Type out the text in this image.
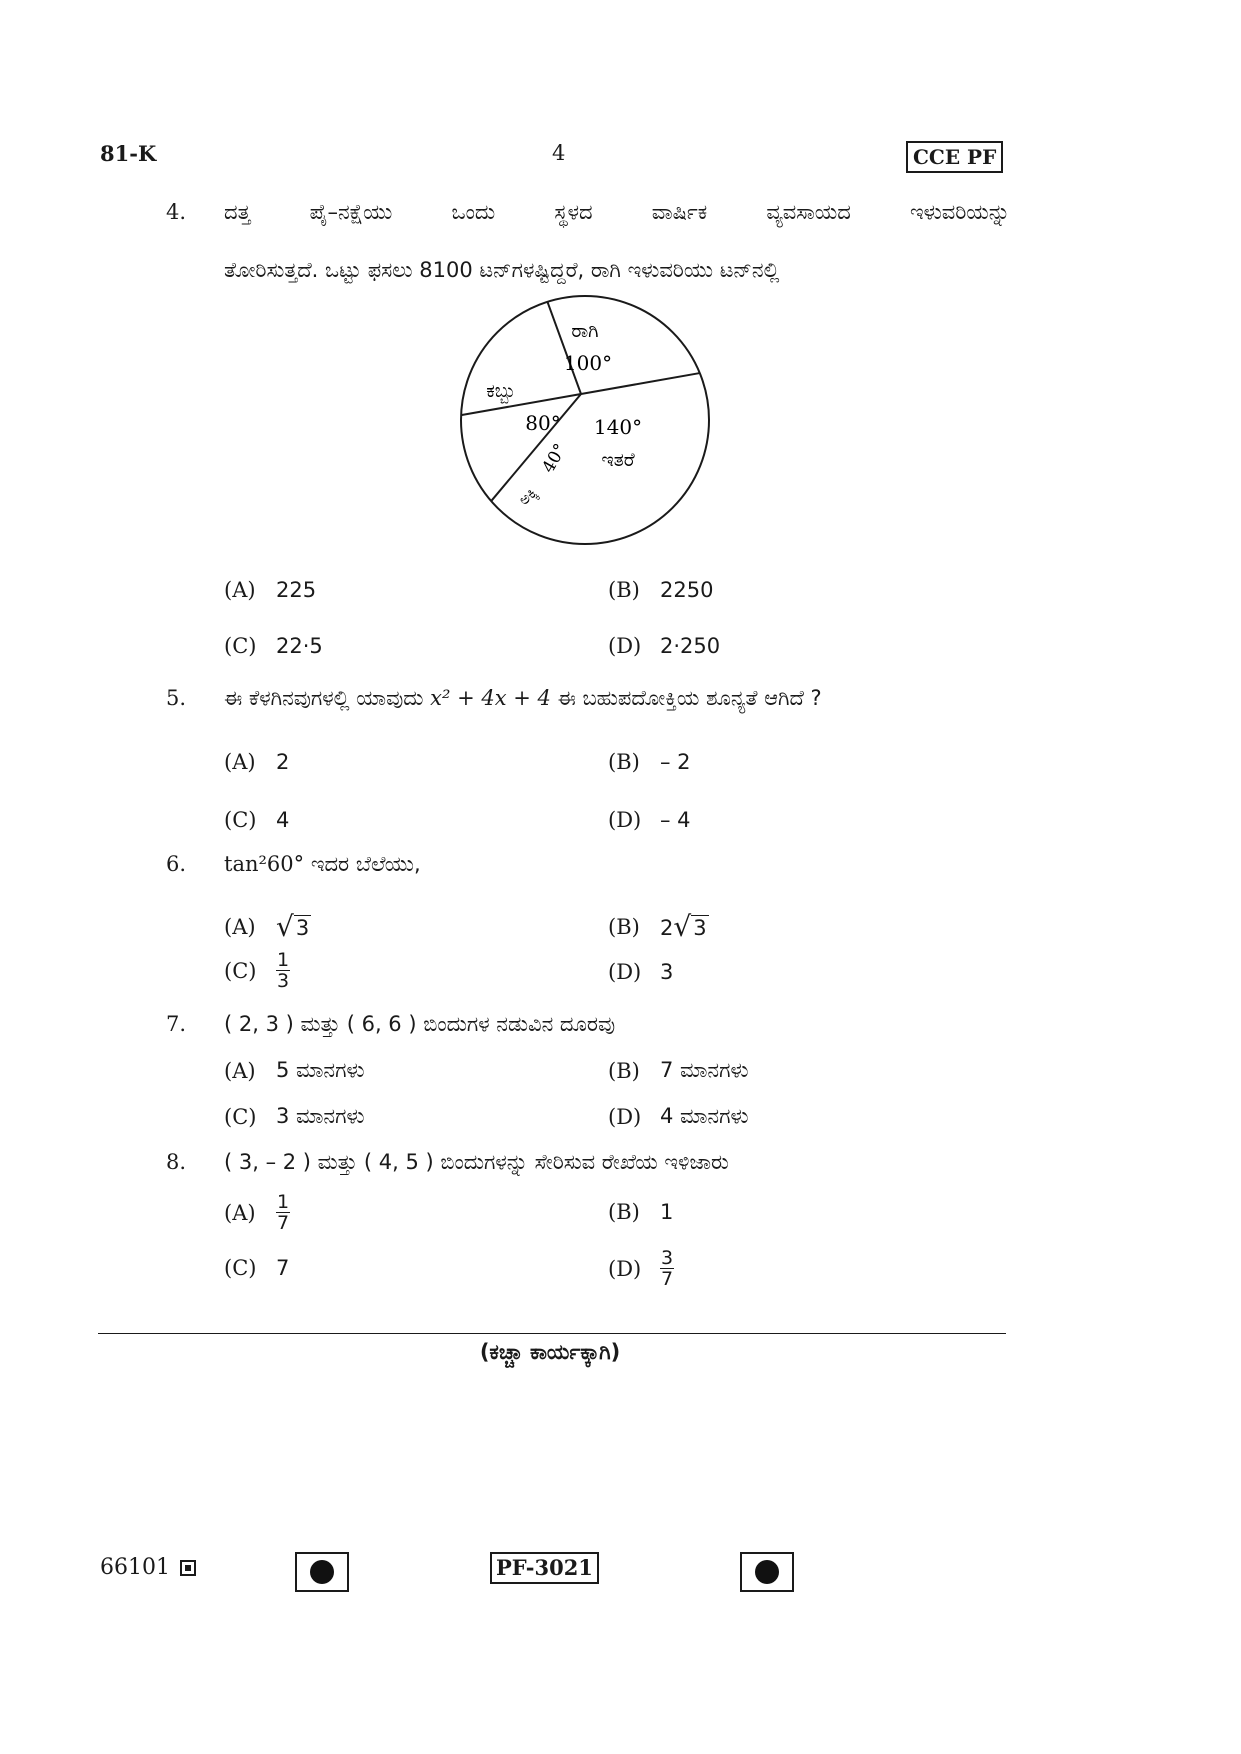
81-K	4	CCE PF
4. ದತ್ತ ಪೈ–ನಕ್ಷೆಯು ಒಂದು ಸ್ಥಳದ ವಾರ್ಷಿಕ ವ್ಯವಸಾಯದ ಇಳುವರಿಯನ್ನು
ತೋರಿಸುತ್ತದೆ. ಒಟ್ಟು ಫಸಲು 8100 ಟನ್‌ಗಳಷ್ಟಿದ್ದರೆ, ರಾಗಿ ಇಳುವರಿಯು ಟನ್‌ನಲ್ಲಿ
ರಾಗಿ
100°
140°
ಇತರೆ
ಕಬ್ಬು
80°
40°
ಅಕ್ಕಿ
(A) 225	(B) 2250
(C) 22·5	(D) 2·250
5. ಈ ಕೆಳಗಿನವುಗಳಲ್ಲಿ ಯಾವುದು x² + 4x + 4 ಈ ಬಹುಪದೋಕ್ತಿಯ ಶೂನ್ಯತೆ ಆಗಿದೆ ?
(A) 2	(B) – 2
(C) 4	(D) – 4
6. tan²60° ಇದರ ಬೆಲೆಯು,
(A) √ 3	(B) 2 √ 3
(C)	$\frac{1}{3}$	(D) 3
7. ( 2, 3 ) ಮತ್ತು ( 6, 6 ) ಬಿಂದುಗಳ ನಡುವಿನ ದೂರವು
(A) 5 ಮಾನಗಳು	(B) 7 ಮಾನಗಳು
(C) 3 ಮಾನಗಳು	(D) 4 ಮಾನಗಳು
8. ( 3, – 2 ) ಮತ್ತು ( 4, 5 ) ಬಿಂದುಗಳನ್ನು ಸೇರಿಸುವ ರೇಖೆಯ ಇಳಿಜಾರು
(A)	$\frac{1}{7}$	(B) 1
(C) 7	$(D) \frac{3}{7}$
(ಕಚ್ಚಾ ಕಾರ್ಯಕ್ಕಾಗಿ)
66101	PF-3021
